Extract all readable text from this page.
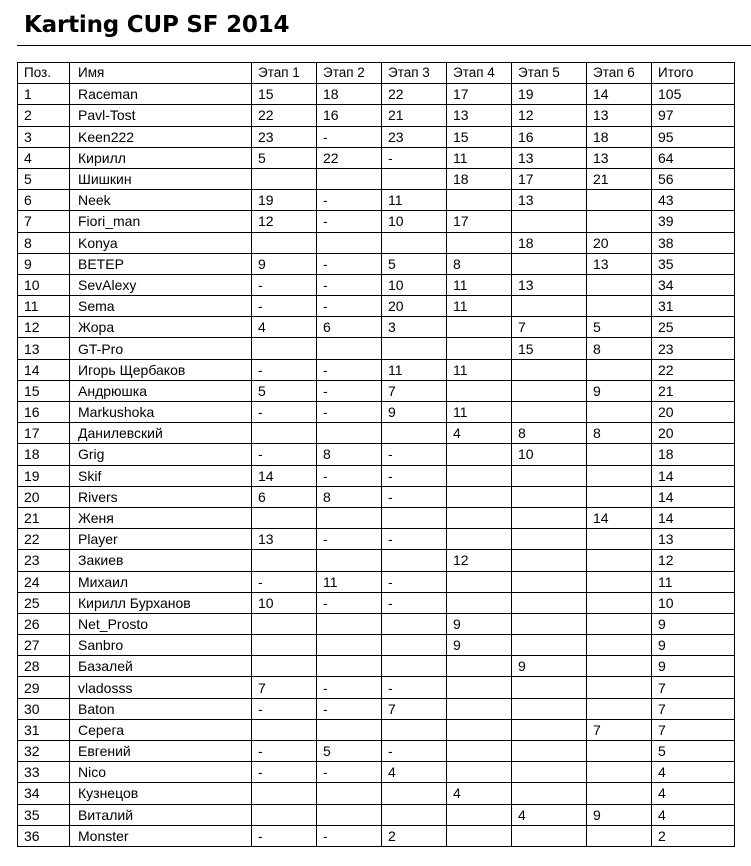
Karting CUP SF 2014
Поз.	Имя	Этап 1	Этап 2	Этап 3	Этап 4	Этап 5	Этап 6	Итого
1	Raceman	15	18	22	17	19	14	105
2	Pavl-Tost	22	16	21	13	12	13	97
3	Keen222	23	-	23	15	16	18	95
4	Кирилл	5	22	-	11	13	13	64
5	Шишкин				18	17	21	56
6	Neek	19	-	11		13		43
7	Fiori_man	12	-	10	17			39
8	Konya					18	20	38
9	ВЕТЕР	9	-	5	8		13	35
10	SevAlexy	-	-	10	11	13		34
11	Sema	-	-	20	11			31
12	Жора	4	6	3		7	5	25
13	GT-Pro					15	8	23
14	Игорь Щербаков	-	-	11	11			22
15	Андрюшка	5	-	7			9	21
16	Markushoka	-	-	9	11			20
17	Данилевский				4	8	8	20
18	Grig	-	8	-		10		18
19	Skif	14	-	-				14
20	Rivers	6	8	-				14
21	Женя						14	14
22	Player	13	-	-				13
23	Закиев				12			12
24	Михаил	-	11	-				11
25	Кирилл Бурханов	10	-	-				10
26	Net_Prosto				9			9
27	Sanbro				9			9
28	Базалей					9		9
29	vladosss	7	-	-				7
30	Baton	-	-	7				7
31	Серега						7	7
32	Евгений	-	5	-				5
33	Nico	-	-	4				4
34	Кузнецов				4			4
35	Виталий					4	9	4
36	Monster	-	-	2				2
